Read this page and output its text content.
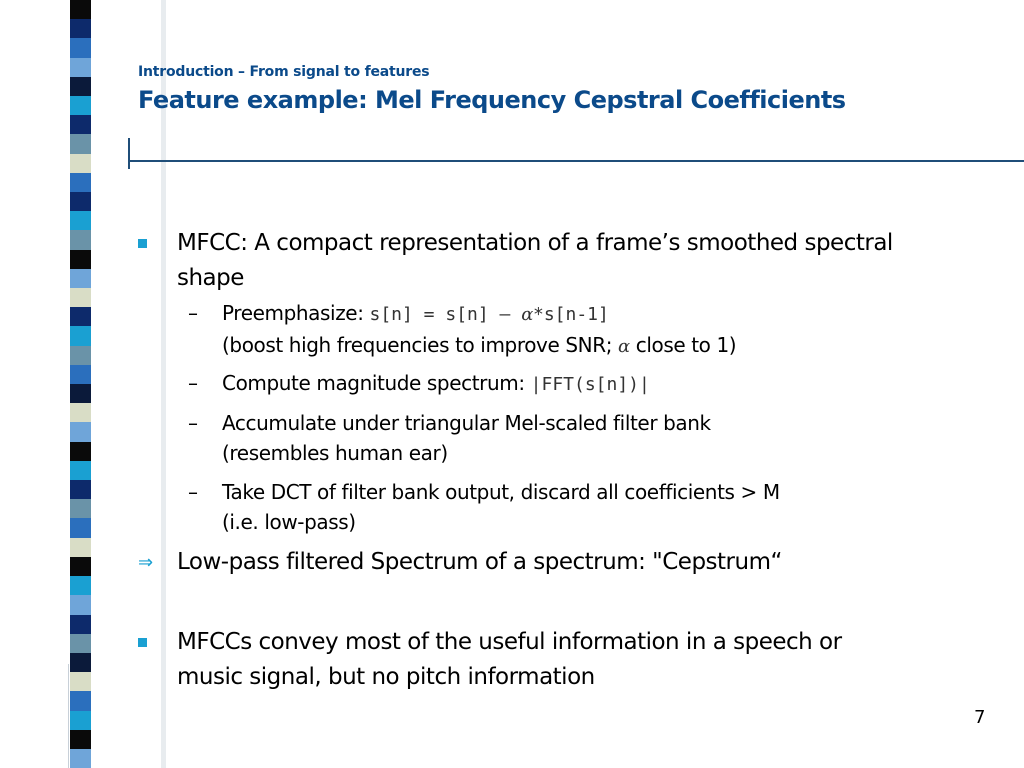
Introduction – From signal to features
Feature example: Mel Frequency Cepstral Coefficients
MFCC: A compact representation of a frame’s smoothed spectral
shape
– Preemphasize: s[n] = s[n] – α*s[n-1]
(boost high frequencies to improve SNR; α close to 1)
– Compute magnitude spectrum: |FFT(s[n])|
– Accumulate under triangular Mel-scaled filter bank
(resembles human ear)
– Take DCT of filter bank output, discard all coefficients > M
(i.e. low-pass)
⇒ Low-pass filtered Spectrum of a spectrum: "Cepstrum“
MFCCs convey most of the useful information in a speech or
music signal, but no pitch information
7
